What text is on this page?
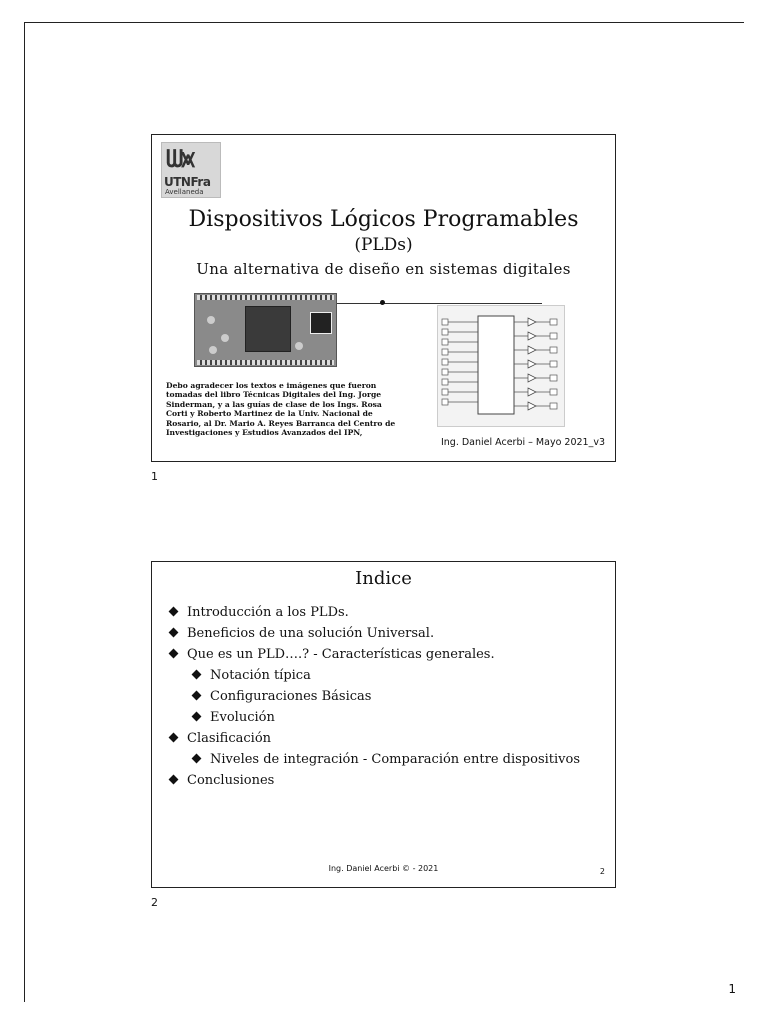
ᗯ⩙
UTNFra
Avellaneda
Dispositivos Lógicos Programables
(PLDs)
Una alternativa de diseño en sistemas digitales
Debo agradecer los textos e imágenes que fueron tomadas del libro Técnicas Digitales del Ing. Jorge Sinderman, y a las guías de clase de los Ings. Rosa Corti y Roberto Martinez de la Univ. Nacional de Rosario, al Dr. Mario A. Reyes Barranca del Centro de Investigaciones y Estudios Avanzados del IPN,
Ing. Daniel Acerbi – Mayo 2021_v3
1
Indice
Introducción a los PLDs.
Beneficios de una solución Universal.
Que es un PLD….? - Características generales.
Notación típica
Configuraciones Básicas
Evolución
Clasificación
Niveles de integración - Comparación entre dispositivos
Conclusiones
Ing. Daniel Acerbi © - 2021	2
2
1
